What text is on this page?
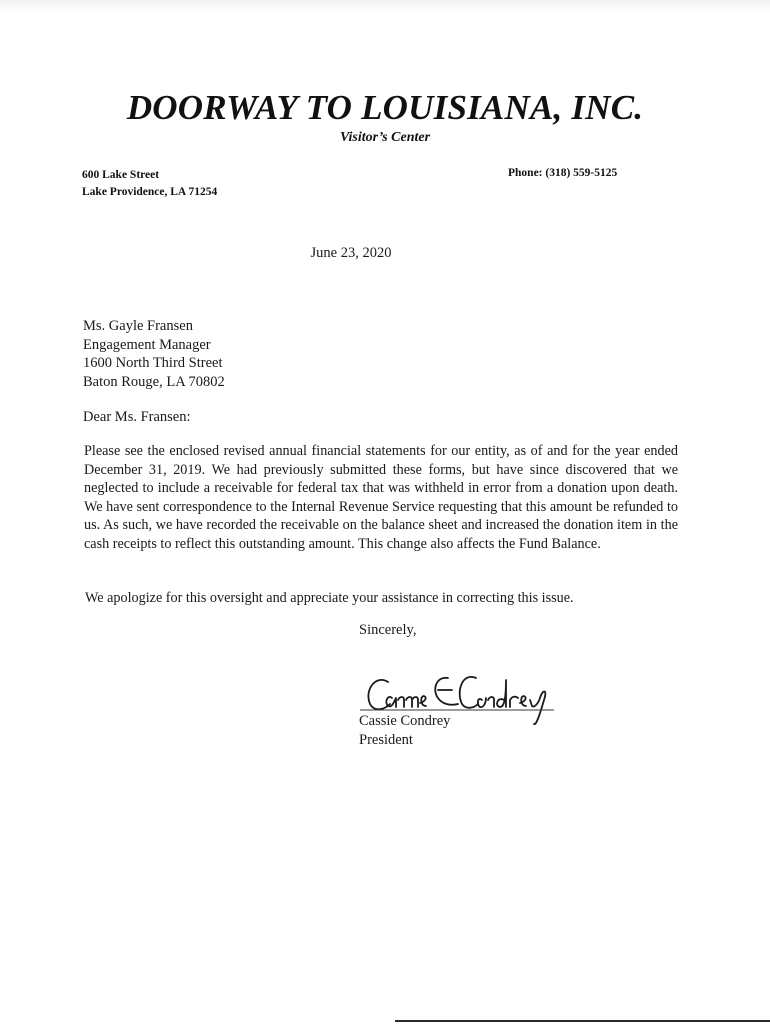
DOORWAY TO LOUISIANA, INC.
Visitor’s Center
600 Lake Street
Lake Providence, LA 71254
Phone: (318) 559-5125
June 23, 2020
Ms. Gayle Fransen
Engagement Manager
1600 North Third Street
Baton Rouge, LA 70802
Dear Ms. Fransen:
Please see the enclosed revised annual financial statements for our entity, as of and for the year ended December 31, 2019. We had previously submitted these forms, but have since discovered that we neglected to include a receivable for federal tax that was withheld in error from a donation upon death. We have sent correspondence to the Internal Revenue Service requesting that this amount be refunded to us. As such, we have recorded the receivable on the balance sheet and increased the donation item in the cash receipts to reflect this outstanding amount. This change also affects the Fund Balance.
We apologize for this oversight and appreciate your assistance in correcting this issue.
Sincerely,
Cassie Condrey
President
